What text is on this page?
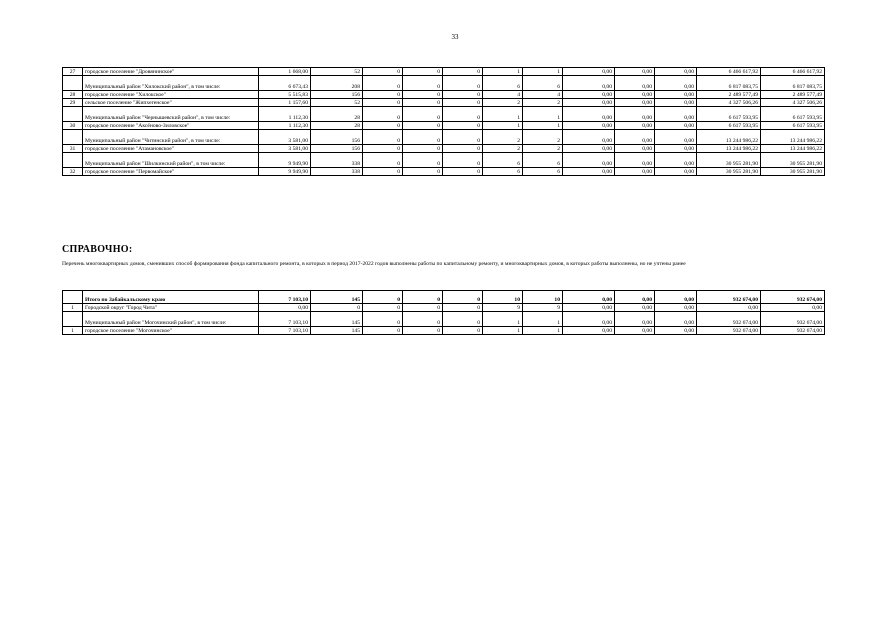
33
27	городское поселение "Дровянинское"	1 668,00	52	0	0	0	1	1	0,00	0,00	0,00	6 466 617,92	6 466 617,92
	Муниципальный район "Хилокский район", в том числе:	6 673,43	208	0	0	0	6	6	0,00	0,00	0,00	6 817 083,75	6 817 083,75
28	городское поселение "Хилокское"	5 515,83	156	0	0	0	4	4	0,00	0,00	0,00	2 489 577,49	2 489 577,49
29	сельское поселение "Жипхегенское"	1 157,60	52	0	0	0	2	2	0,00	0,00	0,00	4 327 506,26	4 327 506,26
	Муниципальный район "Чернышевский район", в том числе:	1 112,30	28	0	0	0	1	1	0,00	0,00	0,00	6 617 593,95	6 617 593,95
30	городское поселение "Аксёново-Зиловское"	1 112,30	28	0	0	0	1	1	0,00	0,00	0,00	6 617 593,95	6 617 593,95
	Муниципальный район "Читинский район", в том числе:	3 581,00	156	0	0	0	2	2	0,00	0,00	0,00	13 244 986,22	13 244 986,22
31	городское поселение "Атамановское"	3 581,00	156	0	0	0	2	2	0,00	0,00	0,00	13 244 986,22	13 244 986,22
	Муниципальный район "Шилкинский район", в том числе:	9 949,90	338	0	0	0	6	6	0,00	0,00	0,00	30 955 281,90	30 955 281,90
32	городское поселение "Первомайское"	9 949,90	338	0	0	0	6	6	0,00	0,00	0,00	30 955 281,90	30 955 281,90
СПРАВОЧНО:
Перечень многоквартирных домов, сменивших способ формирования фонда капитального ремонта, в которых в период 2017-2022 годов выполнены работы по капитальному ремонту, и многоквартирных домов, в которых работы выполнены, но не учтены ранее
	Итого по Забайкальскому краю	7 103,10	145	0	0	0	10	10	0,00	0,00	0,00	932 674,00	932 674,00
1	Городской округ "Город Чита"	0,00	0	0	0	0	9	9	0,00	0,00	0,00	0,00	0,00
	Муниципальный район "Могочинский район", в том числе:	7 103,10	145	0	0	0	1	1	0,00	0,00	0,00	932 674,00	932 674,00
1	городское поселение "Могочинское"	7 103,10	145	0	0	0	1	1	0,00	0,00	0,00	932 674,00	932 674,00
